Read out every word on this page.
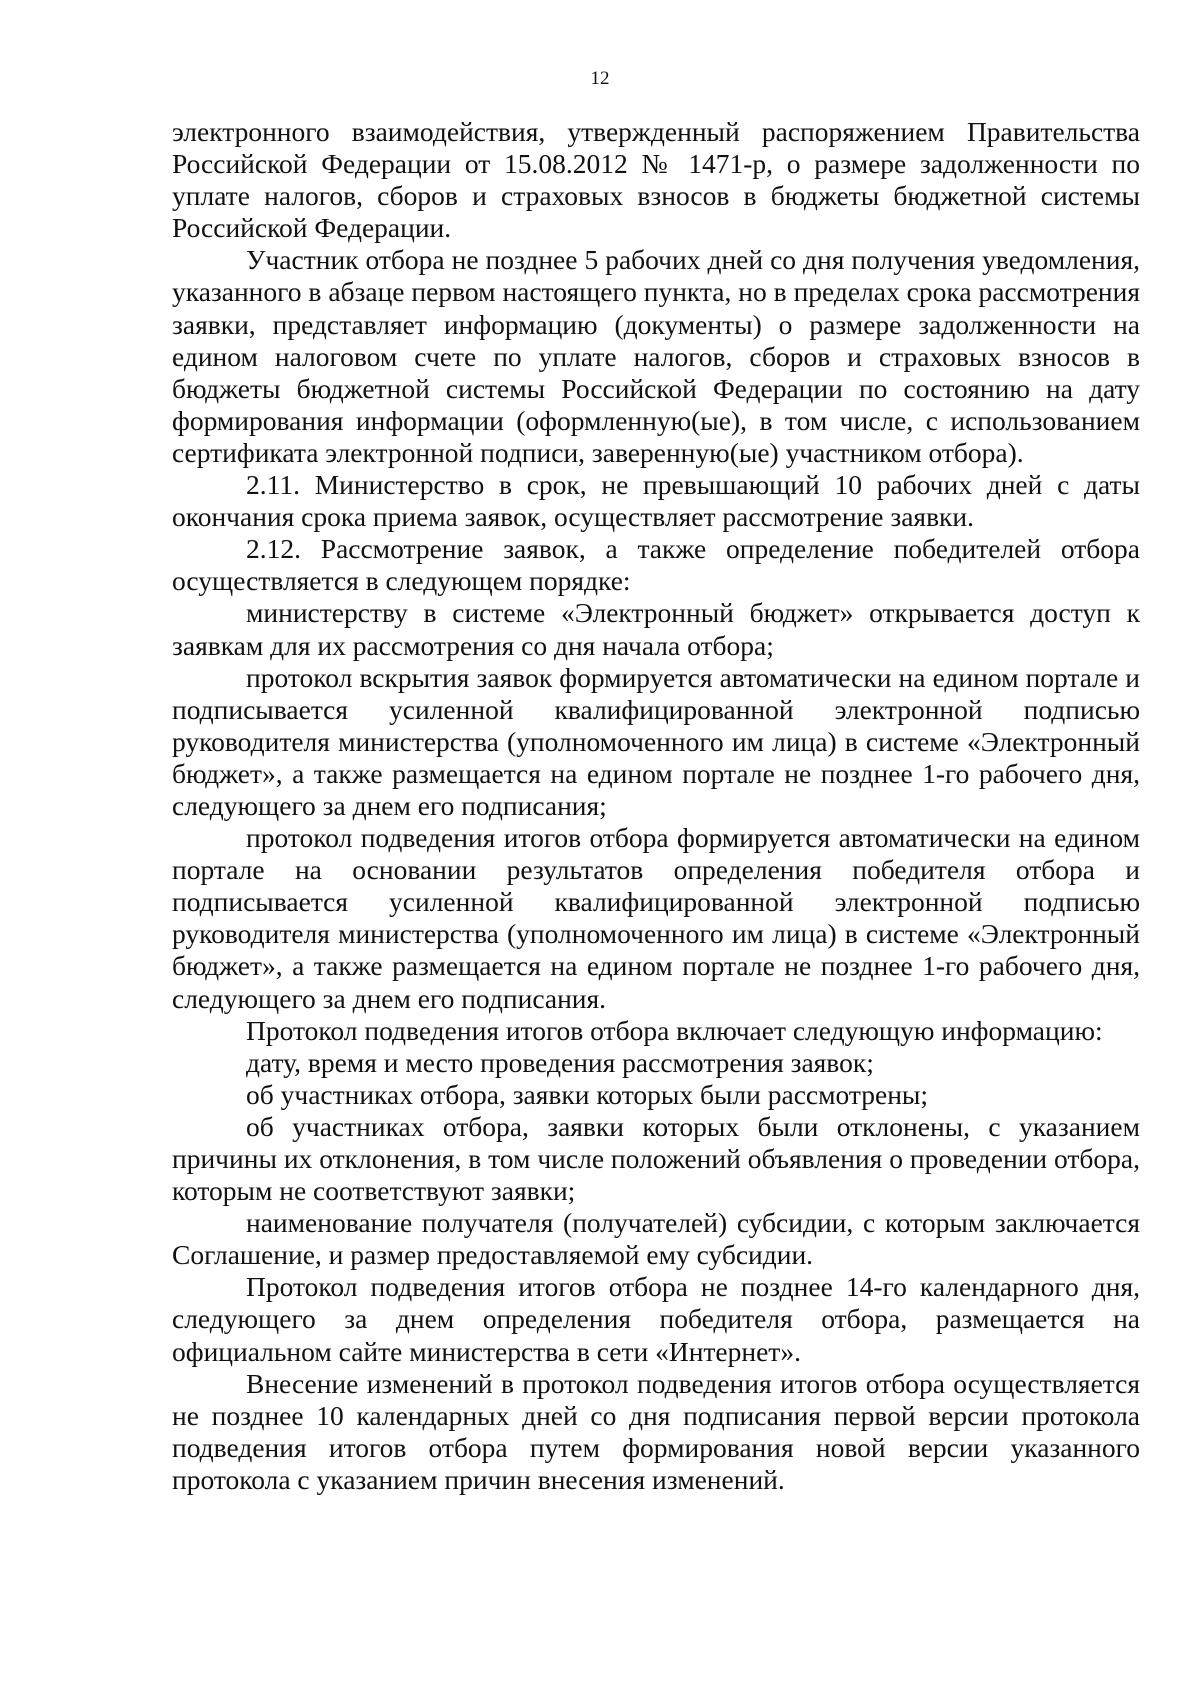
12

электронного взаимодействия, утвержденный распоряжением Правительства Российской Федерации от 15.08.2012 № 1471-р, о размере задолженности по уплате налогов, сборов и страховых взносов в бюджеты бюджетной системы Российской Федерации.

Участник отбора не позднее 5 рабочих дней со дня получения уведомления, указанного в абзаце первом настоящего пункта, но в пределах срока рассмотрения заявки, представляет информацию (документы) о размере задолженности на едином налоговом счете по уплате налогов, сборов и страховых взносов в бюджеты бюджетной системы Российской Федерации по состоянию на дату формирования информации (оформленную(ые), в том числе, с использованием сертификата электронной подписи, заверенную(ые) участником отбора).

2.11. Министерство в срок, не превышающий 10 рабочих дней с даты окончания срока приема заявок, осуществляет рассмотрение заявки.

2.12. Рассмотрение заявок, а также определение победителей отбора осуществляется в следующем порядке:

министерству в системе «Электронный бюджет» открывается доступ к заявкам для их рассмотрения со дня начала отбора;

протокол вскрытия заявок формируется автоматически на едином портале и подписывается усиленной квалифицированной электронной подписью руководителя министерства (уполномоченного им лица) в системе «Электронный бюджет», а также размещается на едином портале не позднее 1-го рабочего дня, следующего за днем его подписания;

протокол подведения итогов отбора формируется автоматически на едином портале на основании результатов определения победителя отбора и подписывается усиленной квалифицированной электронной подписью руководителя министерства (уполномоченного им лица) в системе «Электронный бюджет», а также размещается на едином портале не позднее 1-го рабочего дня, следующего за днем его подписания.

Протокол подведения итогов отбора включает следующую информацию:

дату, время и место проведения рассмотрения заявок;

об участниках отбора, заявки которых были рассмотрены;

об участниках отбора, заявки которых были отклонены, с указанием причины их отклонения, в том числе положений объявления о проведении отбора, которым не соответствуют заявки;

наименование получателя (получателей) субсидии, с которым заключается Соглашение, и размер предоставляемой ему субсидии.

Протокол подведения итогов отбора не позднее 14-го календарного дня, следующего за днем определения победителя отбора, размещается на официальном сайте министерства в сети «Интернет».

Внесение изменений в протокол подведения итогов отбора осуществляется не позднее 10 календарных дней со дня подписания первой версии протокола подведения итогов отбора путем формирования новой версии указанного протокола с указанием причин внесения изменений.
